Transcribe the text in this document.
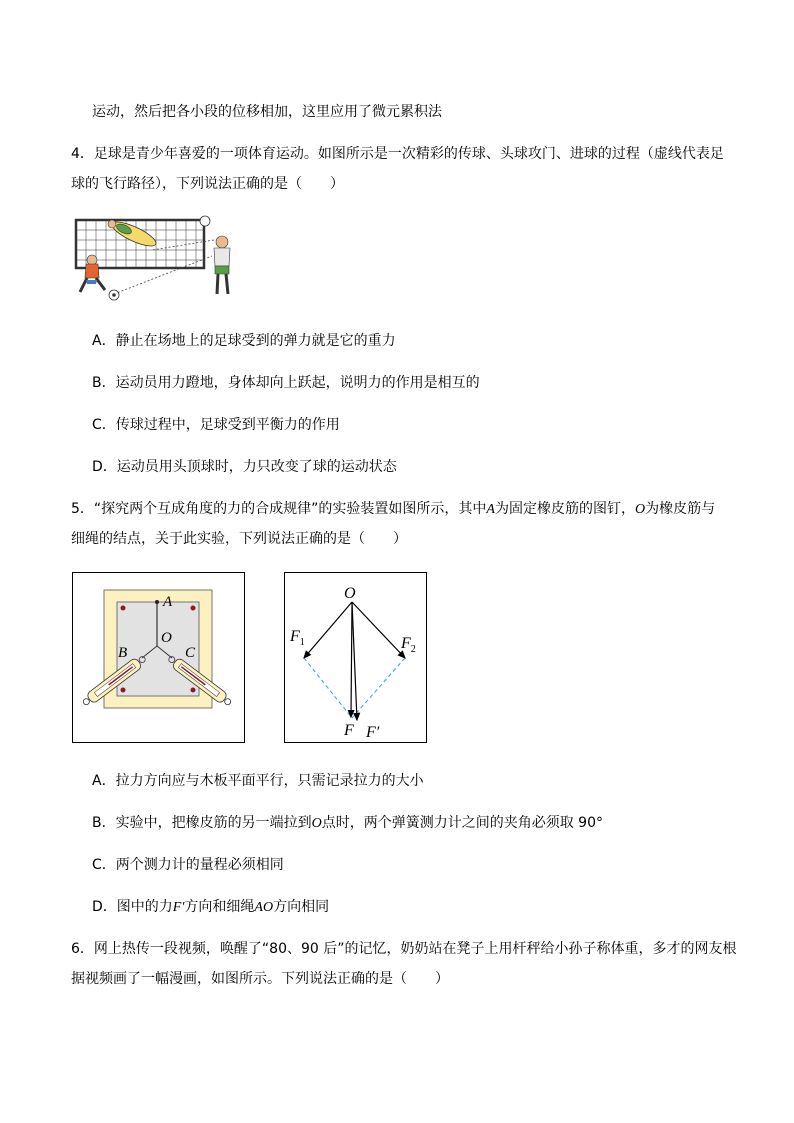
运动，然后把各小段的位移相加，这里应用了微元累积法
4．足球是青少年喜爱的一项体育运动。如图所示是一次精彩的传球、头球攻门、进球的过程（虚线代表足
球的飞行路径），下列说法正确的是（　　）
A．静止在场地上的足球受到的弹力就是它的重力
B．运动员用力蹬地，身体却向上跃起，说明力的作用是相互的
C．传球过程中，足球受到平衡力的作用
D．运动员用头顶球时，力只改变了球的运动状态
5．“探究两个互成角度的力的合成规律”的实验装置如图所示，其中A为固定橡皮筋的图钉，O为橡皮筋与
细绳的结点，关于此实验，下列说法正确的是（　　）
A
O
B	C
O
$F_1$	$F_2$
F F′
A．拉力方向应与木板平面平行，只需记录拉力的大小
B．实验中，把橡皮筋的另一端拉到O点时，两个弹簧测力计之间的夹角必须取 90°
C．两个测力计的量程必须相同
D．图中的力F′方向和细绳AO方向相同
6．网上热传一段视频，唤醒了“80、90 后”的记忆，奶奶站在凳子上用杆秤给小孙子称体重，多才的网友根
据视频画了一幅漫画，如图所示。下列说法正确的是（　　）
